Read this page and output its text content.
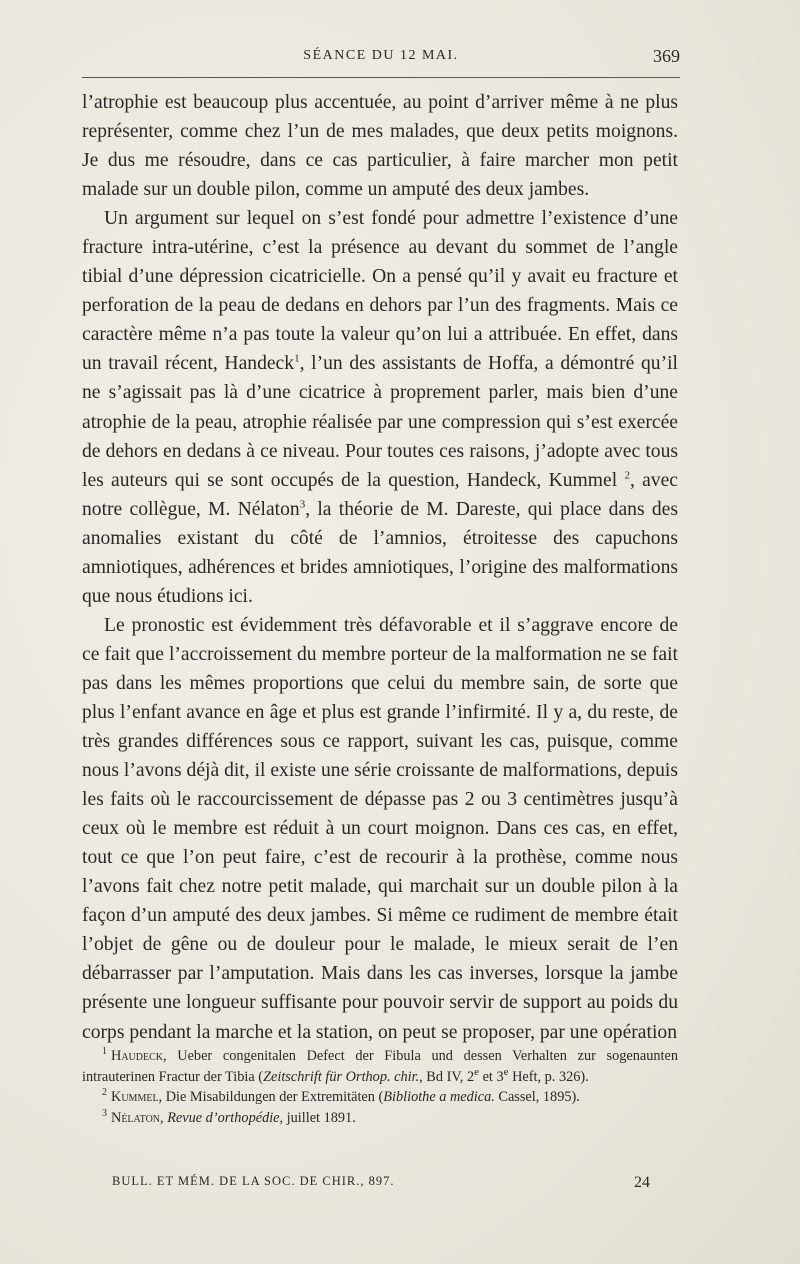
SÉANCE DU 12 MAI.	369

l’atrophie est beaucoup plus accentuée, au point d’arriver même à ne plus représenter, comme chez l’un de mes malades, que deux petits moignons. Je dus me résoudre, dans ce cas particulier, à faire marcher mon petit malade sur un double pilon, comme un amputé des deux jambes.

Un argument sur lequel on s’est fondé pour admettre l’existence d’une fracture intra-utérine, c’est la présence au devant du sommet de l’angle tibial d’une dépression cicatricielle. On a pensé qu’il y avait eu fracture et perforation de la peau de dedans en dehors par l’un des fragments. Mais ce caractère même n’a pas toute la valeur qu’on lui a attribuée. En effet, dans un travail récent, Handeck$^1$, l’un des assistants de Hoffa, a démontré qu’il ne s’agissait pas là d’une cicatrice à proprement parler, mais bien d’une atrophie de la peau, atrophie réalisée par une compression qui s’est exercée de dehors en dedans à ce niveau. Pour toutes ces raisons, j’adopte avec tous les auteurs qui se sont occupés de la question, Handeck, Kummel $^2$, avec notre collègue, M. Nélaton$^3$, la théorie de M. Dareste, qui place dans des anomalies existant du côté de l’amnios, étroitesse des capuchons amniotiques, adhérences et brides amniotiques, l’origine des malformations que nous étudions ici.

Le pronostic est évidemment très défavorable et il s’aggrave encore de ce fait que l’accroissement du membre porteur de la malformation ne se fait pas dans les mêmes proportions que celui du membre sain, de sorte que plus l’enfant avance en âge et plus est grande l’infirmité. Il y a, du reste, de très grandes différences sous ce rapport, suivant les cas, puisque, comme nous l’avons déjà dit, il existe une série croissante de malformations, depuis les faits où le raccourcissement de dépasse pas 2 ou 3 centimètres jusqu’à ceux où le membre est réduit à un court moignon. Dans ces cas, en effet, tout ce que l’on peut faire, c’est de recourir à la prothèse, comme nous l’avons fait chez notre petit malade, qui marchait sur un double pilon à la façon d’un amputé des deux jambes. Si même ce rudiment de membre était l’objet de gêne ou de douleur pour le malade, le mieux serait de l’en débarrasser par l’amputation. Mais dans les cas inverses, lorsque la jambe présente une longueur suffisante pour pouvoir servir de support au poids du corps pendant la marche et la station, on peut se proposer, par une opération

$^1$ Haudeck, Ueber congenitalen Defect der Fibula und dessen Verhalten zur sogenaunten intrauterinen Fractur der Tibia (Zeitschrift für Orthop. chir., Bd IV, 2e et 3e Heft, p. 326).

$^2$ Kummel, Die Misabildungen der Extremitäten (Bibliothe a medica. Cassel, 1895).

$^3$ Nélaton, Revue d’orthopédie, juillet 1891.

BULL. ET MÉM. DE LA SOC. DE CHIR., 897.	24
